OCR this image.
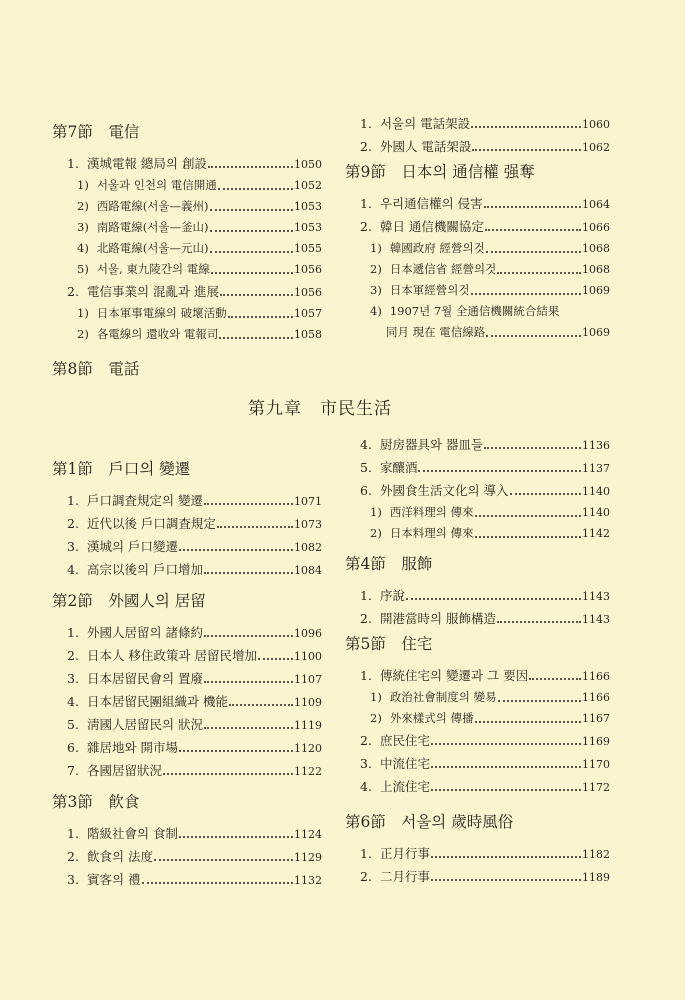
第7節　電信
1. 漢城電報 總局의 創設	1050
1) 서울과 인천의 電信開通	1052
2) 西路電線(서울—義州)	1053
3) 南路電線(서울—釜山)	1053
4) 北路電線(서울—元山)	1055
5) 서울, 東九陵간의 電線	1056
2. 電信事業의 混亂과 進展	1056
1) 日本軍事電線의 破壞活動	1057
2) 各電線의 還收와 電報司	1058
第8節　電話
1. 서울의 電話架設	1060
2. 外國人 電話架設	1062
第9節　日本의 通信權 强奪
1. 우리通信權의 侵害	1064
2. 韓日 通信機關協定	1066
1) 韓國政府 經營의것	1068
2) 日本遞信省 經營의것	1068
3) 日本軍經營의것	1069
4) 1907년 7월 全通信機關統合結果
同月 現在 電信線路	1069
第九章　市民生活
第1節　戶口의 變遷
1. 戶口調査規定의 變遷	1071
2. 近代以後 戶口調査規定	1073
3. 漢城의 戶口變遷	1082
4. 高宗以後의 戶口增加	1084
第2節　外國人의 居留
1. 外國人居留의 諸條約	1096
2. 日本人 移住政策과 居留民增加	1100
3. 日本居留民會의 置廢	1107
4. 日本居留民團組織과 機能	1109
5. 淸國人居留民의 狀況	1119
6. 雜居地와 開市場	1120
7. 各國居留狀況	1122
第3節　飮食
1. 階級社會의 食制	1124
2. 飮食의 法度	1129
3. 賓客의 禮	1132
4. 厨房器具와 器皿들	1136
5. 家釀酒	1137
6. 外國食生活文化의 導入	1140
1) 西洋料理의 傳來	1140
2) 日本料理의 傳來	1142
第4節　服飾
1. 序說	1143
2. 開港當時의 服飾構造	1143
第5節　住宅
1. 傳統住宅의 變遷과 그 要因	1166
1) 政治社會制度의 變易	1166
2) 外來樣式의 傳播	1167
2. 庶民住宅	1169
3. 中流住宅	1170
4. 上流住宅	1172
第6節　서울의 歲時風俗
1. 正月行事	1182
2. 二月行事	1189
